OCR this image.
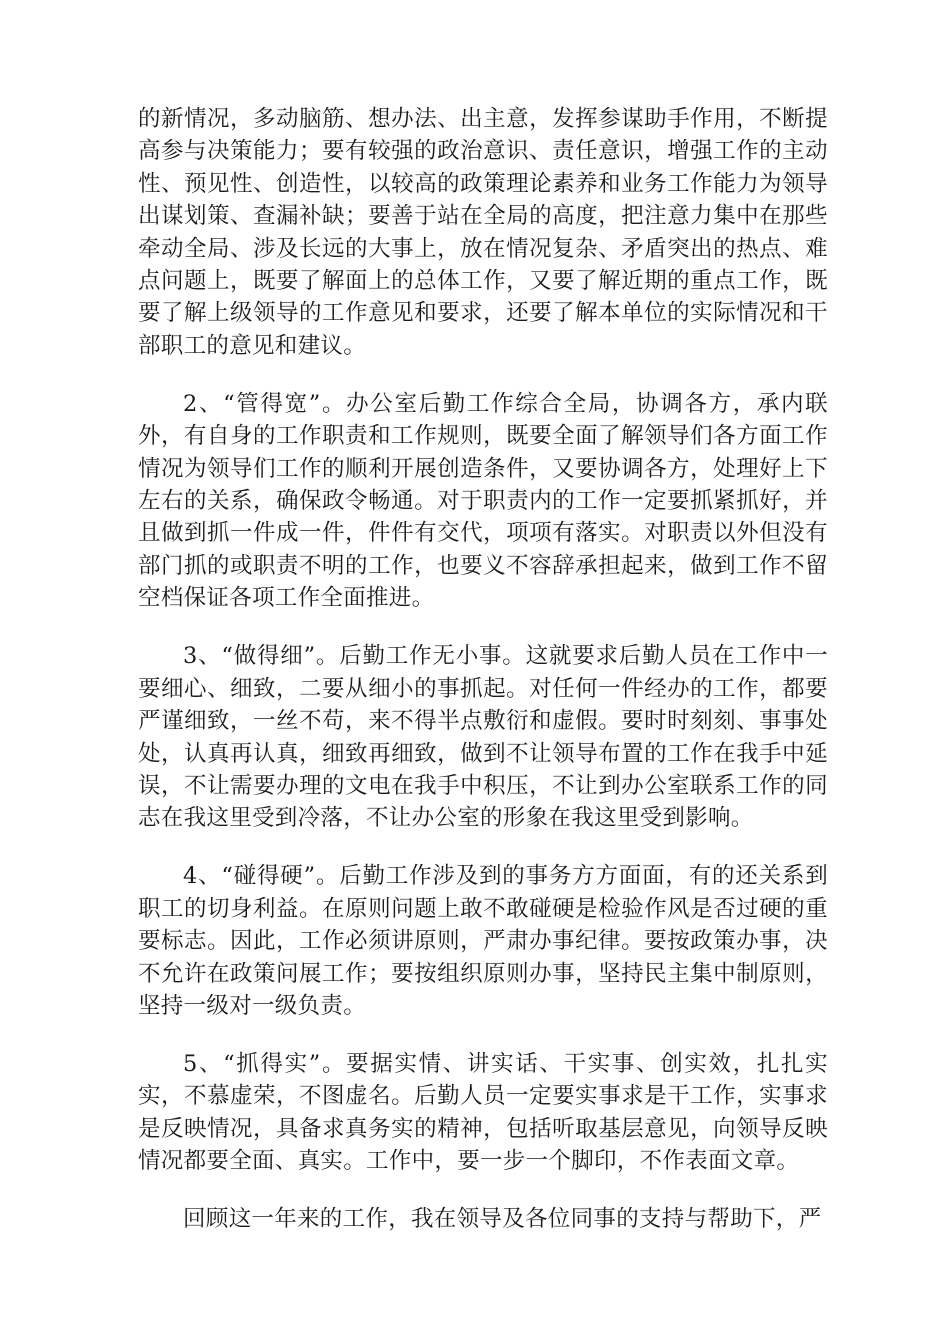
的新情况，多动脑筋、想办法、出主意，发挥参谋助手作用，不断提高参与决策能力；要有较强的政治意识、责任意识，增强工作的主动性、预见性、创造性，以较高的政策理论素养和业务工作能力为领导出谋划策、查漏补缺；要善于站在全局的高度，把注意力集中在那些牵动全局、涉及长远的大事上，放在情况复杂、矛盾突出的热点、难点问题上，既要了解面上的总体工作，又要了解近期的重点工作，既要了解上级领导的工作意见和要求，还要了解本单位的实际情况和干部职工的意见和建议。

2、“管得宽”。办公室后勤工作综合全局，协调各方，承内联外，有自身的工作职责和工作规则，既要全面了解领导们各方面工作情况为领导们工作的顺利开展创造条件，又要协调各方，处理好上下左右的关系，确保政令畅通。对于职责内的工作一定要抓紧抓好，并且做到抓一件成一件，件件有交代，项项有落实。对职责以外但没有部门抓的或职责不明的工作，也要义不容辞承担起来，做到工作不留空档保证各项工作全面推进。

3、“做得细”。后勤工作无小事。这就要求后勤人员在工作中一要细心、细致，二要从细小的事抓起。对任何一件经办的工作，都要严谨细致，一丝不苟，来不得半点敷衍和虚假。要时时刻刻、事事处处，认真再认真，细致再细致，做到不让领导布置的工作在我手中延误，不让需要办理的文电在我手中积压，不让到办公室联系工作的同志在我这里受到冷落，不让办公室的形象在我这里受到影响。

4、“碰得硬”。后勤工作涉及到的事务方方面面，有的还关系到职工的切身利益。在原则问题上敢不敢碰硬是检验作风是否过硬的重要标志。因此，工作必须讲原则，严肃办事纪律。要按政策办事，决不允许在政策问展工作；要按组织原则办事，坚持民主集中制原则，坚持一级对一级负责。

5、“抓得实”。要据实情、讲实话、干实事、创实效，扎扎实实，不慕虚荣，不图虚名。后勤人员一定要实事求是干工作，实事求是反映情况，具备求真务实的精神，包括听取基层意见，向领导反映情况都要全面、真实。工作中，要一步一个脚印，不作表面文章。

回顾这一年来的工作，我在领导及各位同事的支持与帮助下，严
